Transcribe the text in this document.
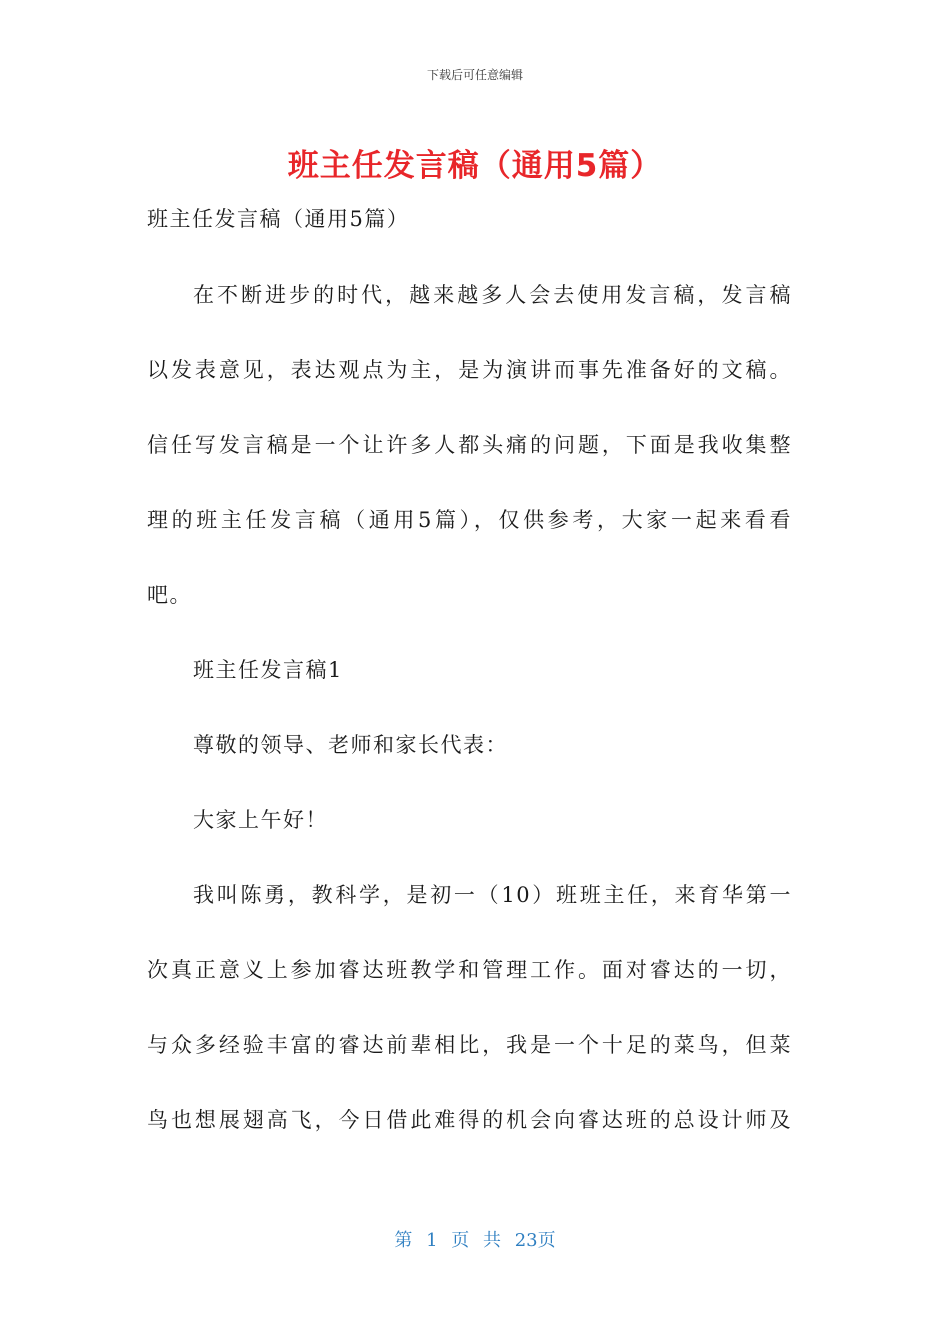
下载后可任意编辑
班主任发言稿（通用5篇）
班主任发言稿（通用5篇）
在不断进步的时代，越来越多人会去使用发言稿，发言稿
以发表意见，表达观点为主，是为演讲而事先准备好的文稿。
信任写发言稿是一个让许多人都头痛的问题，下面是我收集整
理的班主任发言稿（通用5篇），仅供参考，大家一起来看看
吧。
班主任发言稿1
尊敬的领导、老师和家长代表：
大家上午好！
我叫陈勇，教科学，是初一（10）班班主任，来育华第一
次真正意义上参加睿达班教学和管理工作。面对睿达的一切，
与众多经验丰富的睿达前辈相比，我是一个十足的菜鸟，但菜
鸟也想展翅高飞，今日借此难得的机会向睿达班的总设计师及
第 1 页 共 23页
